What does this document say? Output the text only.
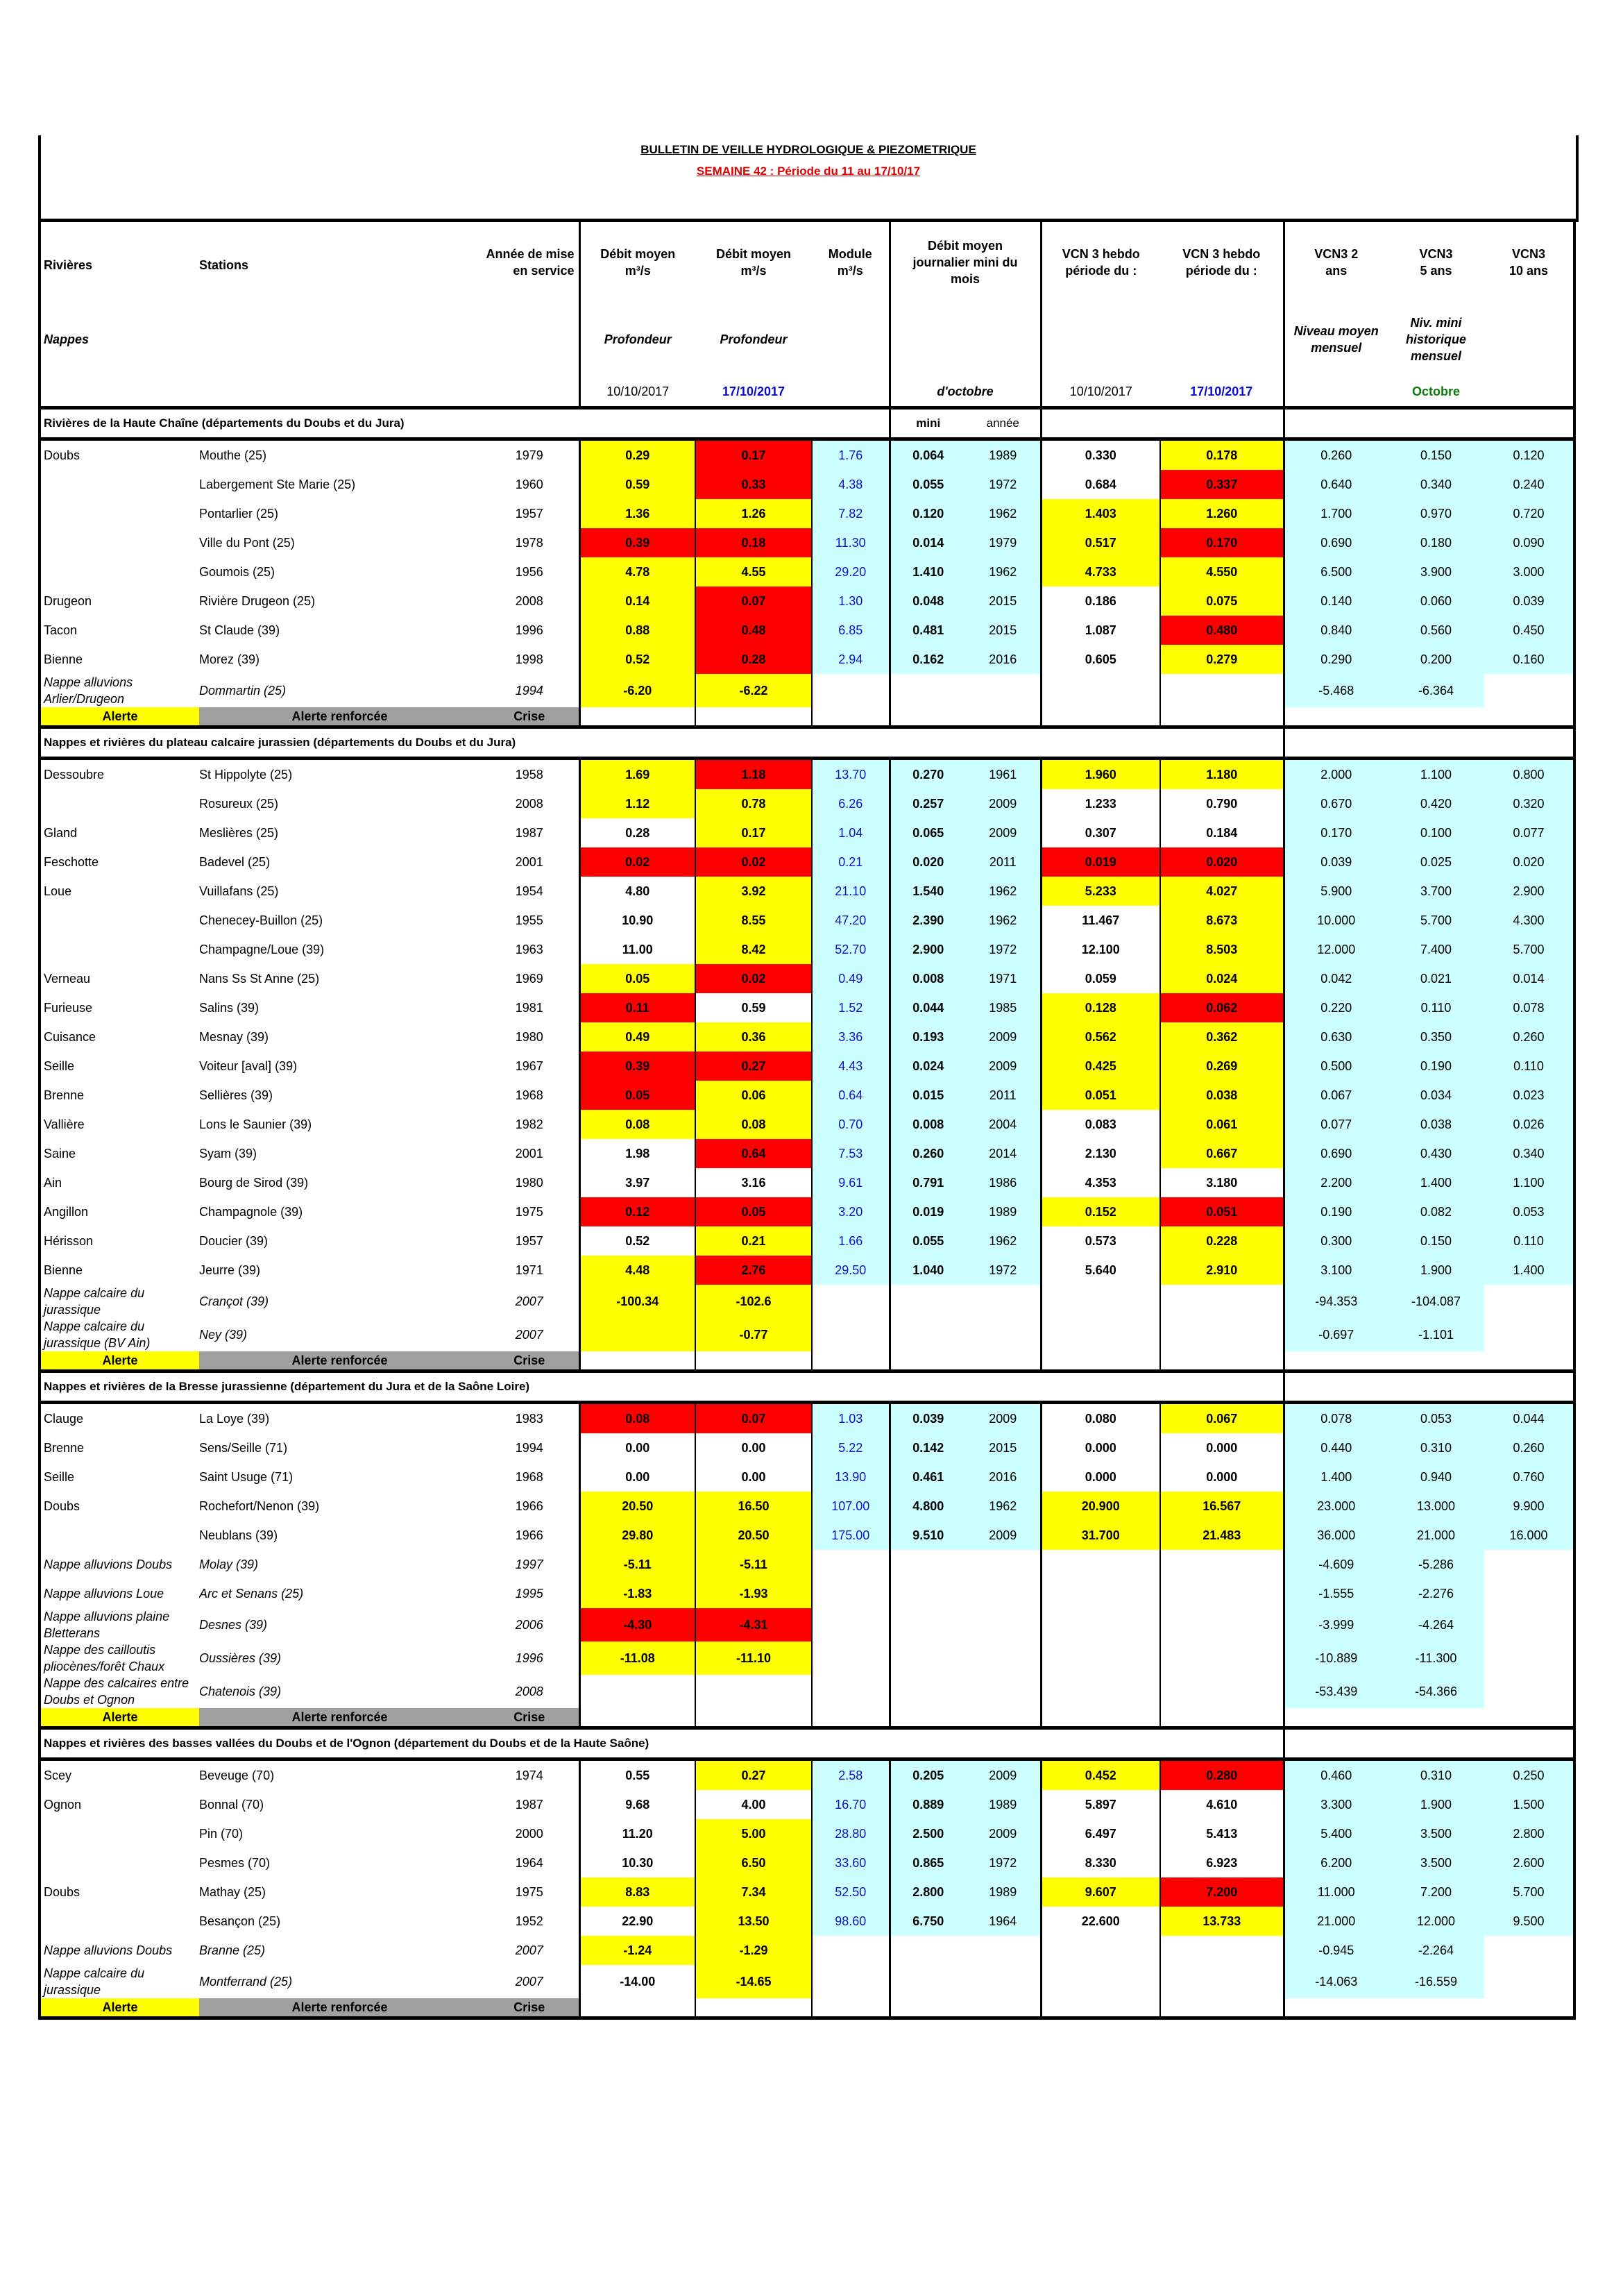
BULLETIN DE VEILLE HYDROLOGIQUE & PIEZOMETRIQUE
SEMAINE 42 : Période du 11 au 17/10/17
Rivières	Stations	Année de mise en service	Débit moyen m³/s	Débit moyen m³/s	Module m³/s	Débit moyen journalier mini du mois		VCN 3 hebdo période du :	VCN 3 hebdo période du :	VCN3 2 ans	VCN3 5 ans	VCN3 10 ans
Nappes			Profondeur	Profondeur						Niveau moyen mensuel	Niv. mini historique mensuel	
			10/10/2017	17/10/2017		d'octobre		10/10/2017	17/10/2017		Octobre	
Rivières de la Haute Chaîne (départements du Doubs et du Jura)						mini	année					
Doubs	Mouthe (25)	1979	0.29	0.17	1.76	0.064	1989	0.330	0.178	0.260	0.150	0.120
	Labergement Ste Marie (25)	1960	0.59	0.33	4.38	0.055	1972	0.684	0.337	0.640	0.340	0.240
	Pontarlier (25)	1957	1.36	1.26	7.82	0.120	1962	1.403	1.260	1.700	0.970	0.720
	Ville du Pont (25)	1978	0.39	0.18	11.30	0.014	1979	0.517	0.170	0.690	0.180	0.090
	Goumois (25)	1956	4.78	4.55	29.20	1.410	1962	4.733	4.550	6.500	3.900	3.000
Drugeon	Rivière Drugeon (25)	2008	0.14	0.07	1.30	0.048	2015	0.186	0.075	0.140	0.060	0.039
Tacon	St Claude (39)	1996	0.88	0.48	6.85	0.481	2015	1.087	0.480	0.840	0.560	0.450
Bienne	Morez (39)	1998	0.52	0.28	2.94	0.162	2016	0.605	0.279	0.290	0.200	0.160
Nappe alluvions Arlier/Drugeon	Dommartin (25)	1994	-6.20	-6.22						-5.468	-6.364	
Alerte	Alerte renforcée	Crise										
Nappes et rivières du plateau calcaire jurassien (départements du Doubs et du Jura)												
Dessoubre	St Hippolyte (25)	1958	1.69	1.18	13.70	0.270	1961	1.960	1.180	2.000	1.100	0.800
	Rosureux (25)	2008	1.12	0.78	6.26	0.257	2009	1.233	0.790	0.670	0.420	0.320
Gland	Meslières (25)	1987	0.28	0.17	1.04	0.065	2009	0.307	0.184	0.170	0.100	0.077
Feschotte	Badevel (25)	2001	0.02	0.02	0.21	0.020	2011	0.019	0.020	0.039	0.025	0.020
Loue	Vuillafans (25)	1954	4.80	3.92	21.10	1.540	1962	5.233	4.027	5.900	3.700	2.900
	Chenecey-Buillon (25)	1955	10.90	8.55	47.20	2.390	1962	11.467	8.673	10.000	5.700	4.300
	Champagne/Loue (39)	1963	11.00	8.42	52.70	2.900	1972	12.100	8.503	12.000	7.400	5.700
Verneau	Nans Ss St Anne (25)	1969	0.05	0.02	0.49	0.008	1971	0.059	0.024	0.042	0.021	0.014
Furieuse	Salins (39)	1981	0.11	0.59	1.52	0.044	1985	0.128	0.062	0.220	0.110	0.078
Cuisance	Mesnay (39)	1980	0.49	0.36	3.36	0.193	2009	0.562	0.362	0.630	0.350	0.260
Seille	Voiteur [aval] (39)	1967	0.39	0.27	4.43	0.024	2009	0.425	0.269	0.500	0.190	0.110
Brenne	Sellières (39)	1968	0.05	0.06	0.64	0.015	2011	0.051	0.038	0.067	0.034	0.023
Vallière	Lons le Saunier (39)	1982	0.08	0.08	0.70	0.008	2004	0.083	0.061	0.077	0.038	0.026
Saine	Syam (39)	2001	1.98	0.64	7.53	0.260	2014	2.130	0.667	0.690	0.430	0.340
Ain	Bourg de Sirod (39)	1980	3.97	3.16	9.61	0.791	1986	4.353	3.180	2.200	1.400	1.100
Angillon	Champagnole (39)	1975	0.12	0.05	3.20	0.019	1989	0.152	0.051	0.190	0.082	0.053
Hérisson	Doucier (39)	1957	0.52	0.21	1.66	0.055	1962	0.573	0.228	0.300	0.150	0.110
Bienne	Jeurre (39)	1971	4.48	2.76	29.50	1.040	1972	5.640	2.910	3.100	1.900	1.400
Nappe calcaire du jurassique	Crançot (39)	2007	-100.34	-102.6						-94.353	-104.087	
Nappe calcaire du jurassique (BV Ain)	Ney (39)	2007		-0.77						-0.697	-1.101	
Alerte	Alerte renforcée	Crise										
Nappes et rivières de la Bresse jurassienne (département du Jura et de la Saône Loire)												
Clauge	La Loye (39)	1983	0.08	0.07	1.03	0.039	2009	0.080	0.067	0.078	0.053	0.044
Brenne	Sens/Seille (71)	1994	0.00	0.00	5.22	0.142	2015	0.000	0.000	0.440	0.310	0.260
Seille	Saint Usuge (71)	1968	0.00	0.00	13.90	0.461	2016	0.000	0.000	1.400	0.940	0.760
Doubs	Rochefort/Nenon (39)	1966	20.50	16.50	107.00	4.800	1962	20.900	16.567	23.000	13.000	9.900
	Neublans (39)	1966	29.80	20.50	175.00	9.510	2009	31.700	21.483	36.000	21.000	16.000
Nappe alluvions Doubs	Molay (39)	1997	-5.11	-5.11						-4.609	-5.286	
Nappe alluvions Loue	Arc et Senans (25)	1995	-1.83	-1.93						-1.555	-2.276	
Nappe alluvions plaine Bletterans	Desnes (39)	2006	-4.30	-4.31						-3.999	-4.264	
Nappe des cailloutis pliocènes/forêt Chaux	Oussières (39)	1996	-11.08	-11.10						-10.889	-11.300	
Nappe des calcaires entre Doubs et Ognon	Chatenois (39)	2008								-53.439	-54.366	
Alerte	Alerte renforcée	Crise										
Nappes et rivières des basses vallées du Doubs et de l'Ognon (département du Doubs et de la Haute Saône)												
Scey	Beveuge (70)	1974	0.55	0.27	2.58	0.205	2009	0.452	0.280	0.460	0.310	0.250
Ognon	Bonnal (70)	1987	9.68	4.00	16.70	0.889	1989	5.897	4.610	3.300	1.900	1.500
	Pin (70)	2000	11.20	5.00	28.80	2.500	2009	6.497	5.413	5.400	3.500	2.800
	Pesmes (70)	1964	10.30	6.50	33.60	0.865	1972	8.330	6.923	6.200	3.500	2.600
Doubs	Mathay (25)	1975	8.83	7.34	52.50	2.800	1989	9.607	7.200	11.000	7.200	5.700
	Besançon (25)	1952	22.90	13.50	98.60	6.750	1964	22.600	13.733	21.000	12.000	9.500
Nappe alluvions Doubs	Branne (25)	2007	-1.24	-1.29						-0.945	-2.264	
Nappe calcaire du jurassique	Montferrand (25)	2007	-14.00	-14.65						-14.063	-16.559	
Alerte	Alerte renforcée	Crise										
